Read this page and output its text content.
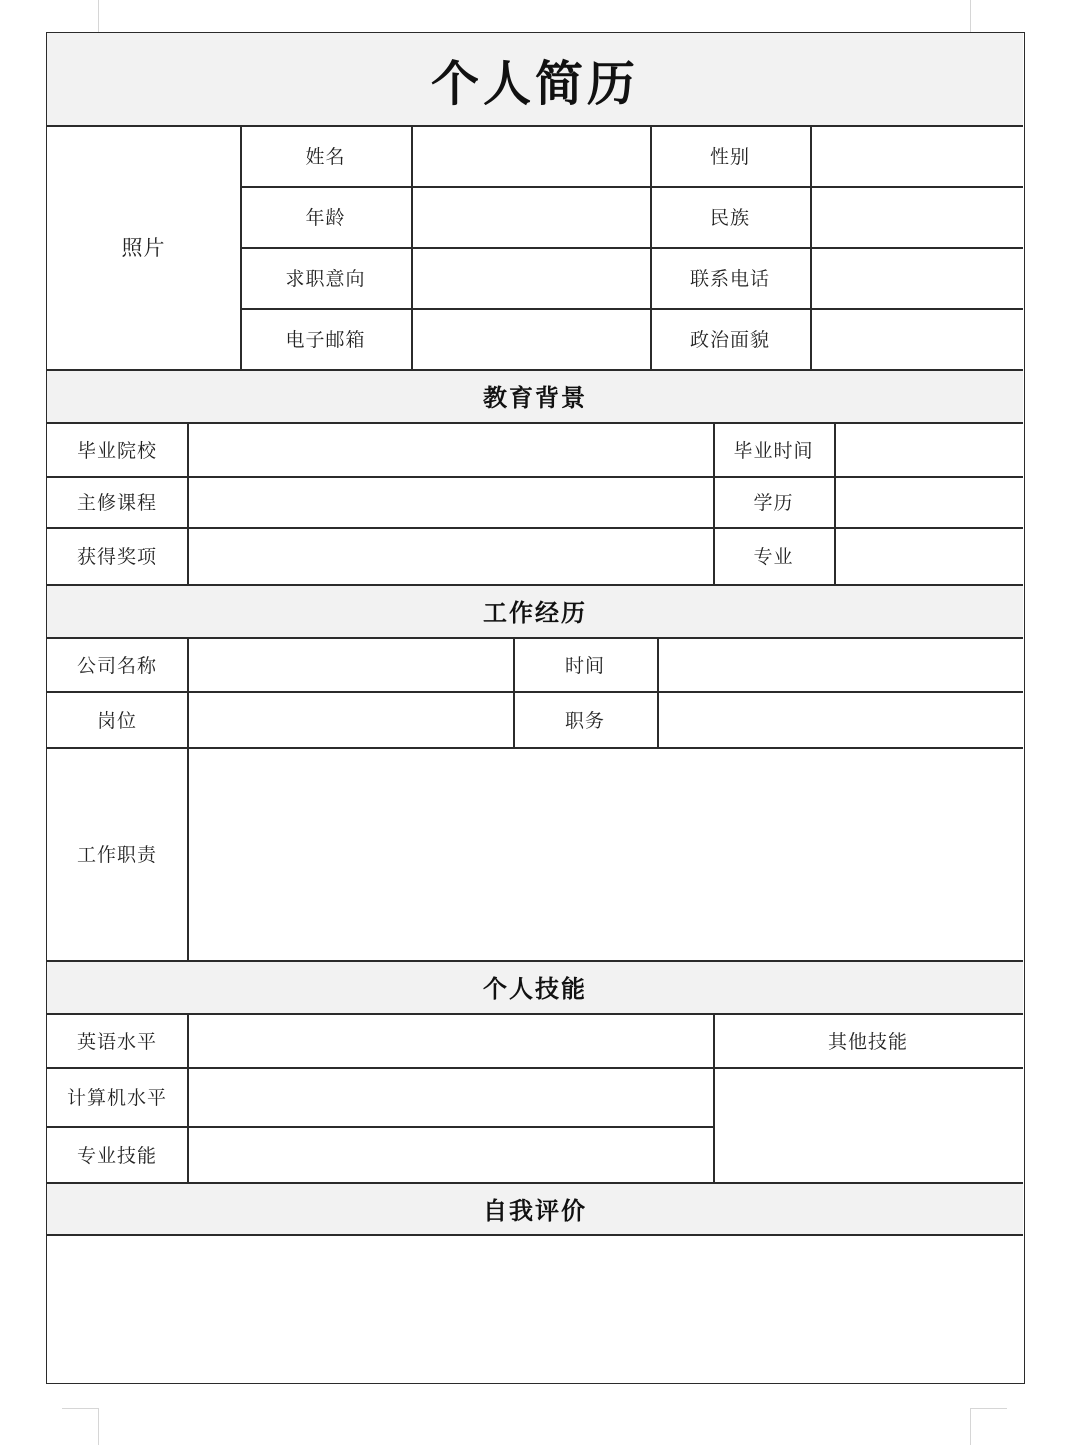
个人简历
照片
姓名	性别
年龄	民族
求职意向	联系电话
电子邮箱	政治面貌
教育背景
毕业院校	毕业时间
主修课程	学历
获得奖项	专业
工作经历
公司名称	时间
岗位	职务
工作职责
个人技能
英语水平	其他技能
计算机水平
专业技能
自我评价
